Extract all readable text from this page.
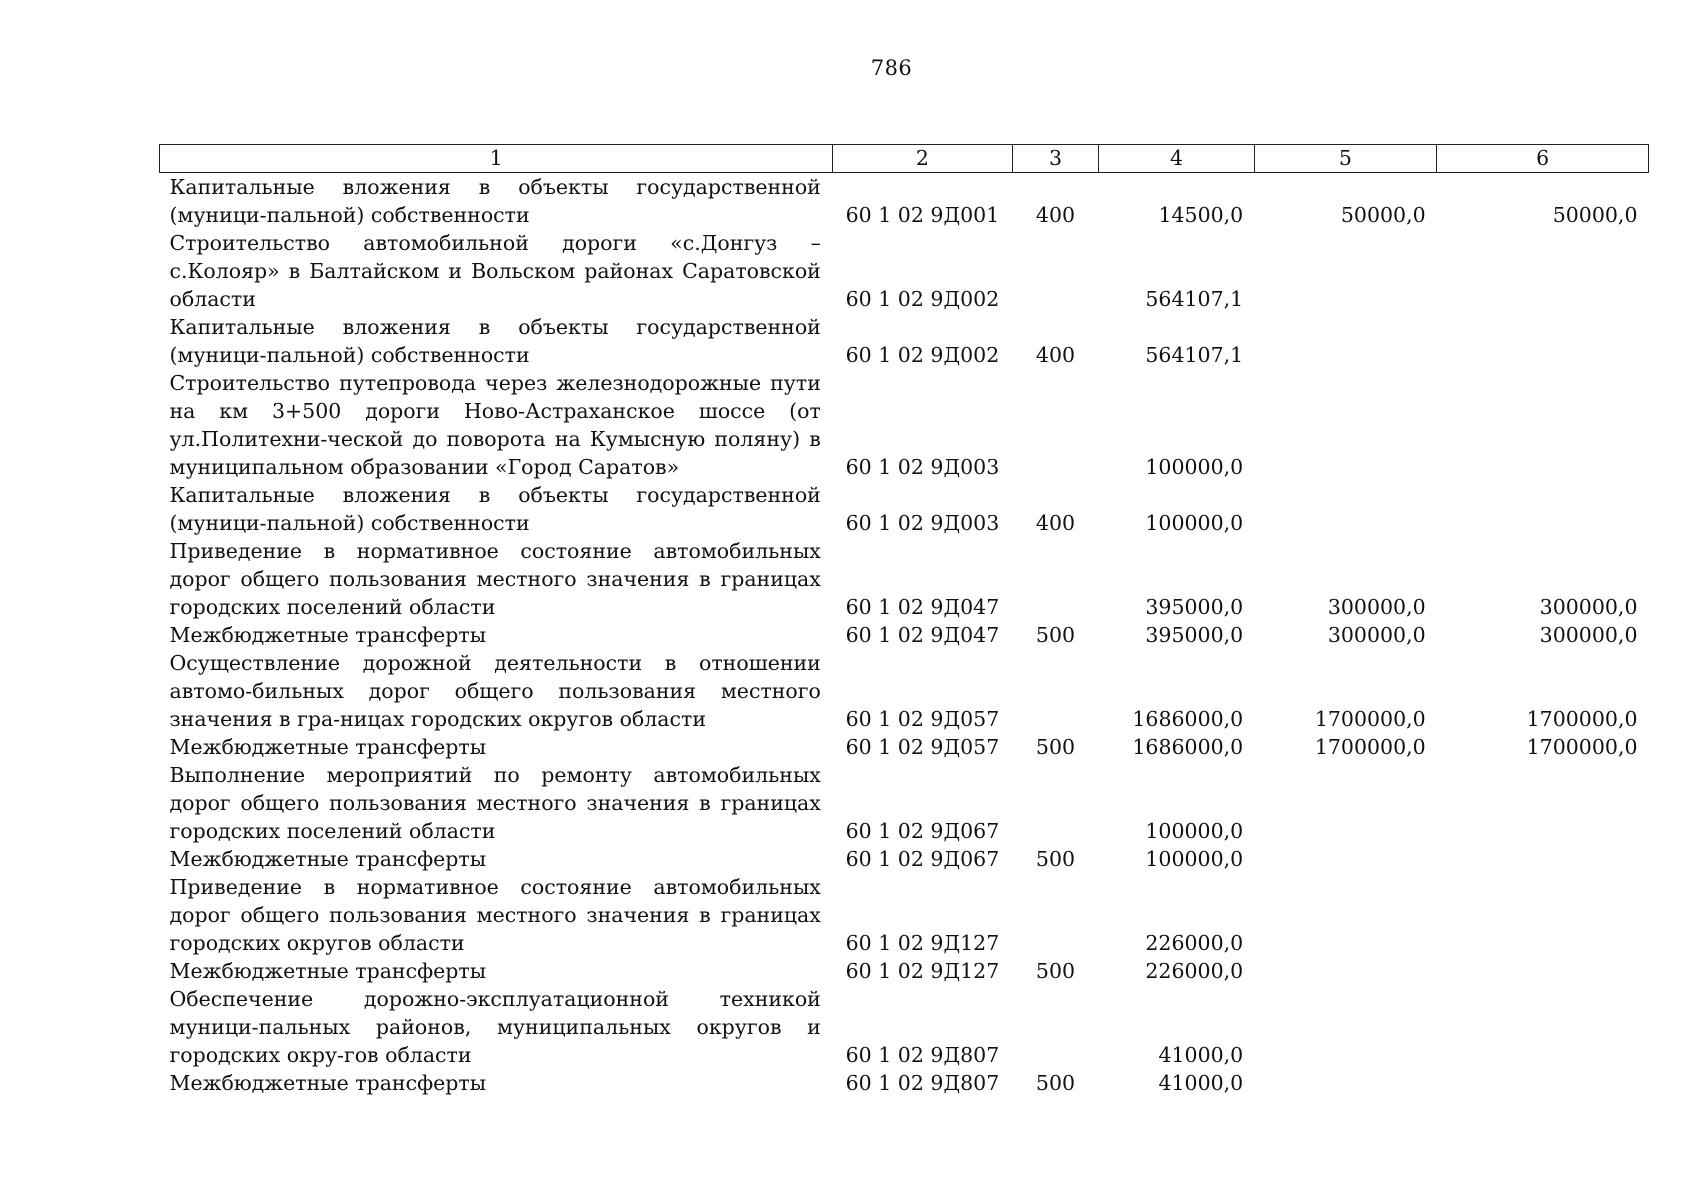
786
1	2	3	4	5	6
Капитальные вложения в объекты государственной (муници-пальной) собственности	60 1 02 9Д001	400	14500,0	50000,0	50000,0
Строительство автомобильной дороги «с.Донгуз – с.Колояр» в Балтайском и Вольском районах Саратовской области	60 1 02 9Д002		564107,1		
Капитальные вложения в объекты государственной (муници-пальной) собственности	60 1 02 9Д002	400	564107,1		
Строительство путепровода через железнодорожные пути на км 3+500 дороги Ново-Астраханское шоссе (от ул.Политехни-ческой до поворота на Кумысную поляну) в муниципальном образовании «Город Саратов»	60 1 02 9Д003		100000,0		
Капитальные вложения в объекты государственной (муници-пальной) собственности	60 1 02 9Д003	400	100000,0		
Приведение в нормативное состояние автомобильных дорог общего пользования местного значения в границах городских поселений области	60 1 02 9Д047		395000,0	300000,0	300000,0
Межбюджетные трансферты	60 1 02 9Д047	500	395000,0	300000,0	300000,0
Осуществление дорожной деятельности в отношении автомо-бильных дорог общего пользования местного значения в гра-ницах городских округов области	60 1 02 9Д057		1686000,0	1700000,0	1700000,0
Межбюджетные трансферты	60 1 02 9Д057	500	1686000,0	1700000,0	1700000,0
Выполнение мероприятий по ремонту автомобильных дорог общего пользования местного значения в границах городских поселений области	60 1 02 9Д067		100000,0		
Межбюджетные трансферты	60 1 02 9Д067	500	100000,0		
Приведение в нормативное состояние автомобильных дорог общего пользования местного значения в границах городских округов области	60 1 02 9Д127		226000,0		
Межбюджетные трансферты	60 1 02 9Д127	500	226000,0		
Обеспечение дорожно-эксплуатационной техникой муници-пальных районов, муниципальных округов и городских окру-гов области	60 1 02 9Д807		41000,0		
Межбюджетные трансферты	60 1 02 9Д807	500	41000,0		
